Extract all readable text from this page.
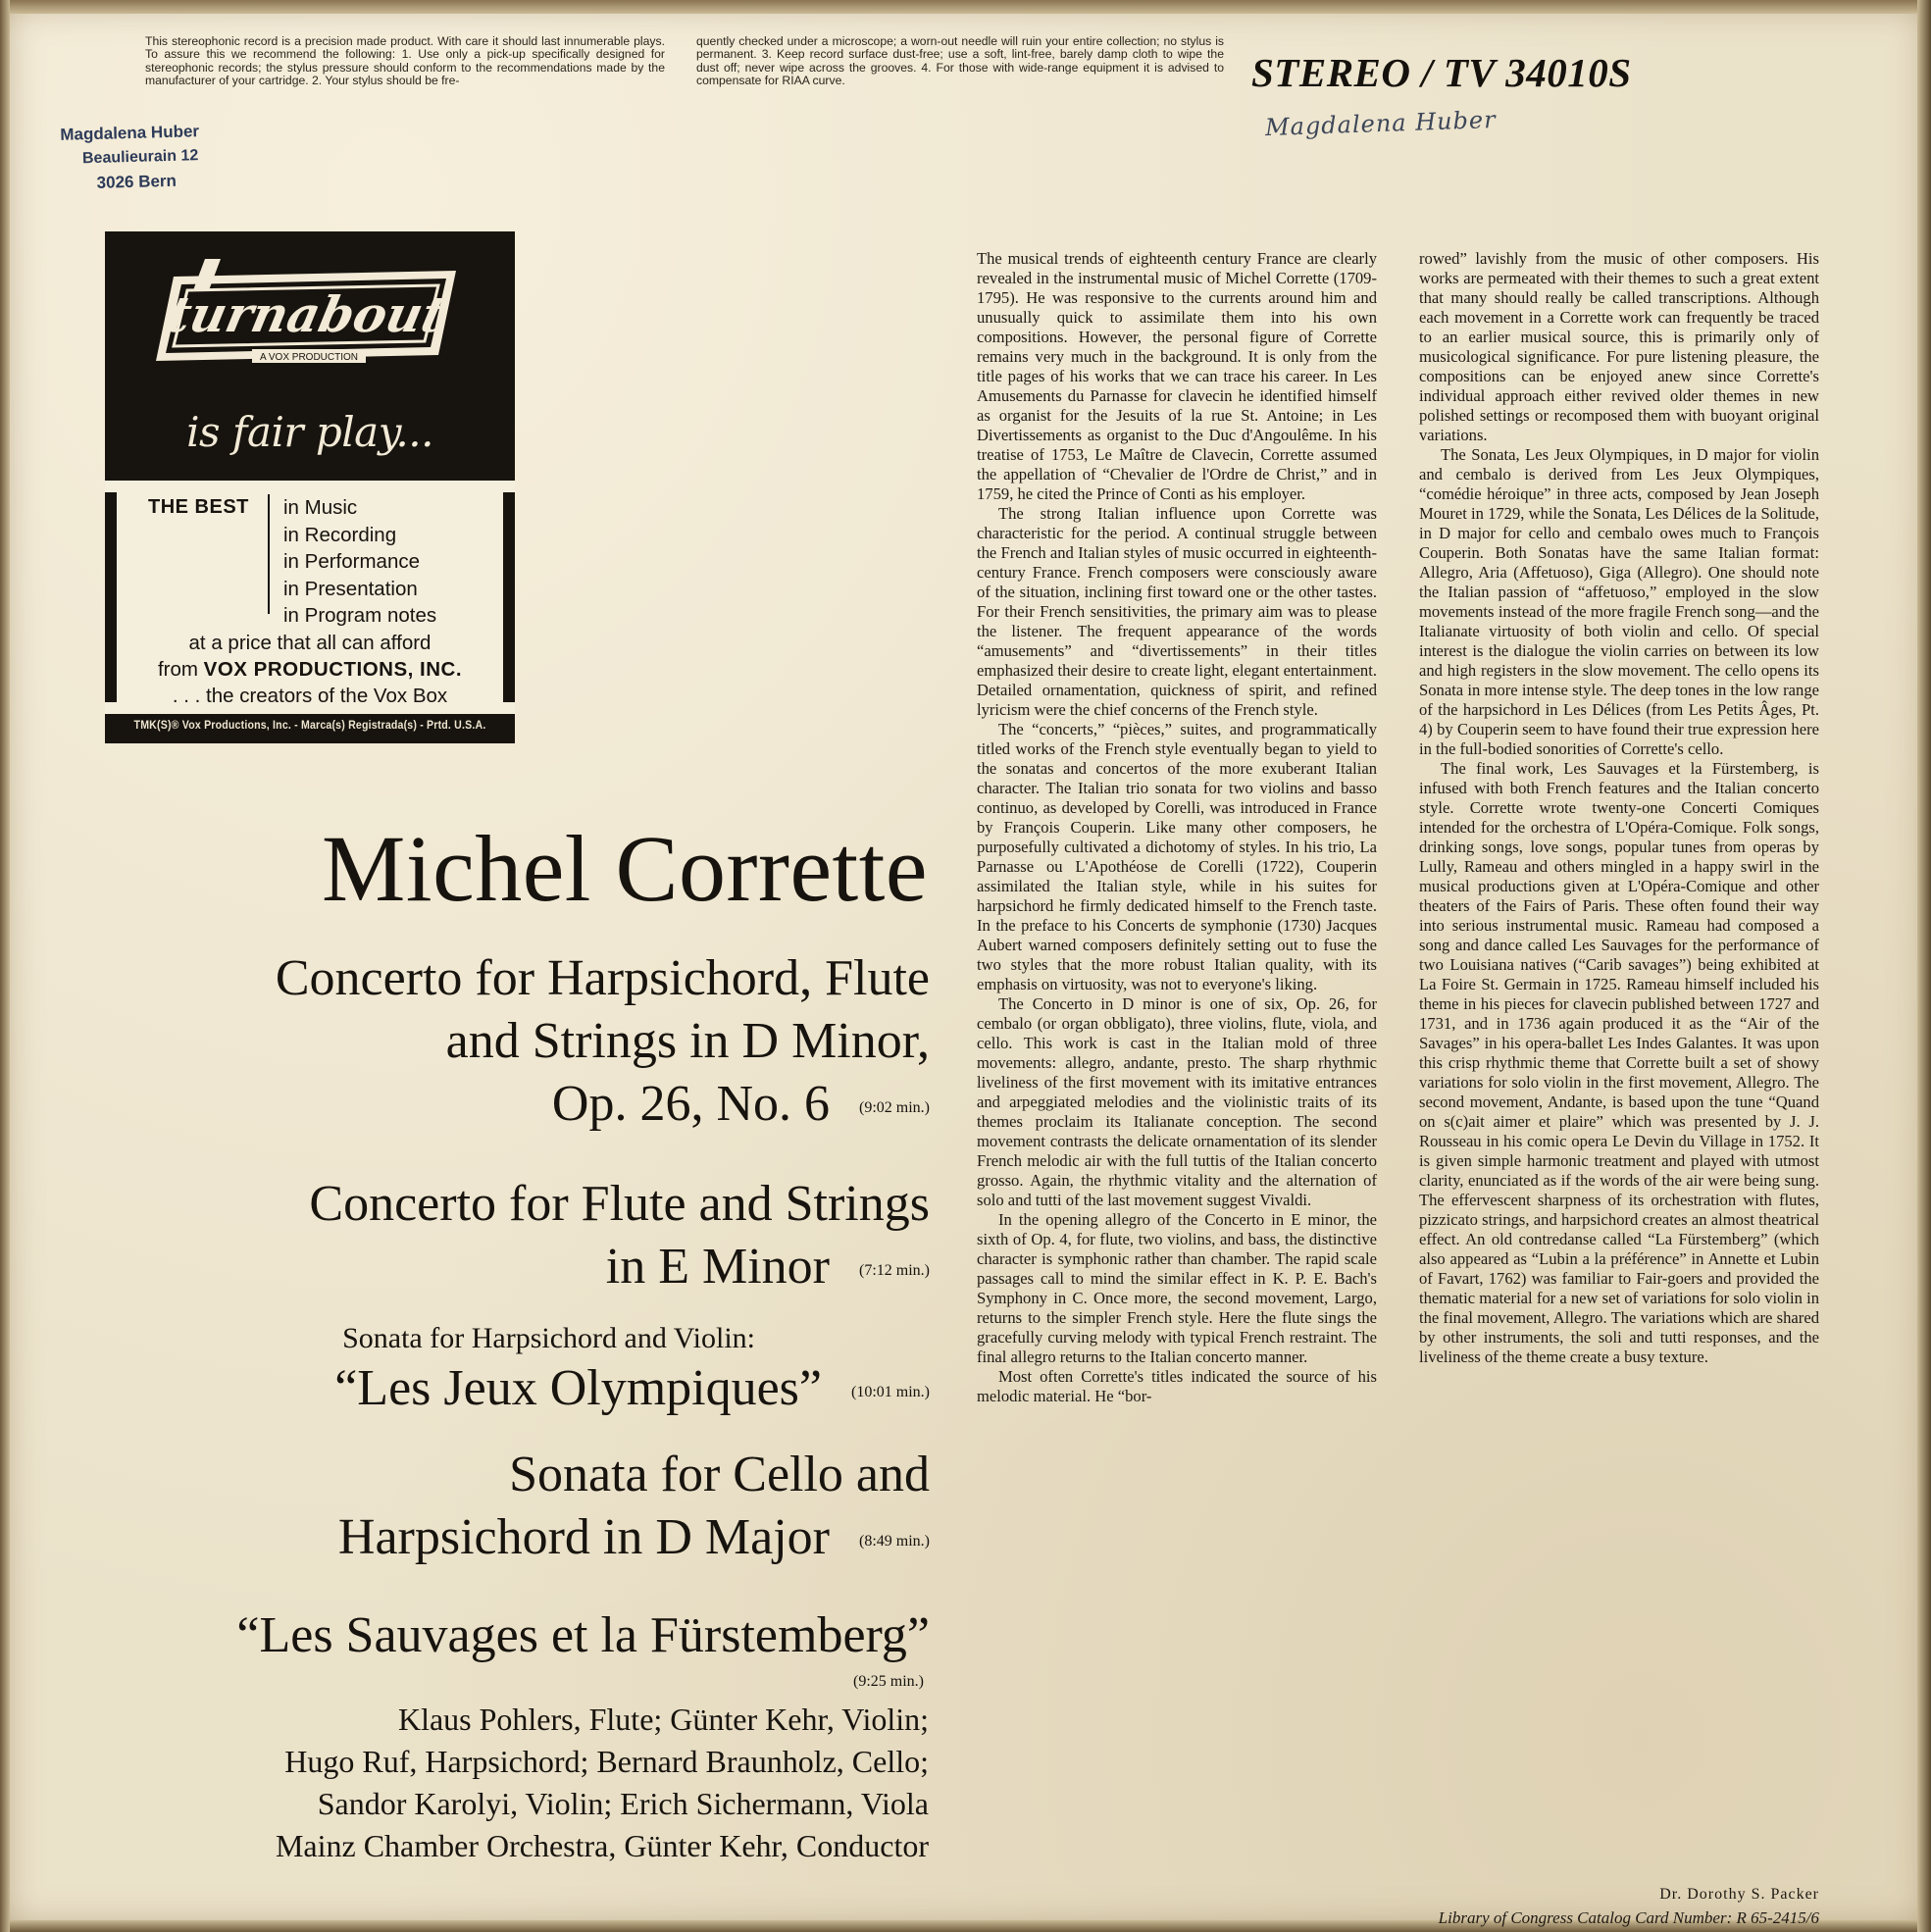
This stereophonic record is a precision made product. With care it should last innumerable plays. To assure this we recommend the following: 1. Use only a pick-up specifically designed for stereophonic records; the stylus pressure should conform to the recommendations made by the manufacturer of your cartridge. 2. Your stylus should be fre-
quently checked under a microscope; a worn-out needle will ruin your entire collection; no stylus is permanent. 3. Keep record surface dust-free; use a soft, lint-free, barely damp cloth to wipe the dust off; never wipe across the grooves. 4. For those with wide-range equipment it is advised to compensate for RIAA curve.	STEREO / TV 34010S
Magdalena Huber
Magdalena Huber
Beaulieurain 12
3026 Bern
turnabout
A VOX PRODUCTION
is fair play...
THE BEST in Music
in Recording
in Performance
in Presentation
in Program notes
at a price that all can afford
from VOX PRODUCTIONS, INC.
. . . the creators of the Vox Box
TMK(S)® Vox Productions, Inc. - Marca(s) Registrada(s) - Prtd. U.S.A.
Michel Corrette
Concerto for Harpsichord, Flute
and Strings in D Minor,
Op. 26, No. 6 (9:02 min.)
Concerto for Flute and Strings
in E Minor (7:12 min.)
Sonata for Harpsichord and Violin:
“Les Jeux Olympiques” (10:01 min.)
Sonata for Cello and
Harpsichord in D Major (8:49 min.)
“Les Sauvages et la Fürstemberg”
(9:25 min.)
Klaus Pohlers, Flute; Günter Kehr, Violin;
Hugo Ruf, Harpsichord; Bernard Braunholz, Cello;
Sandor Karolyi, Violin; Erich Sichermann, Viola
Mainz Chamber Orchestra, Günter Kehr, Conductor

The musical trends of eighteenth century France are clearly revealed in the instrumental music of Michel Corrette (1709-1795). He was responsive to the currents around him and unusually quick to assimilate them into his own compositions. However, the personal figure of Corrette remains very much in the background. It is only from the title pages of his works that we can trace his career. In Les Amusements du Parnasse for clavecin he identified himself as organist for the Jesuits of la rue St. Antoine; in Les Divertissements as organist to the Duc d'Angoulême. In his treatise of 1753, Le Maître de Clavecin, Corrette assumed the appellation of “Chevalier de l'Ordre de Christ,” and in 1759, he cited the Prince of Conti as his employer.

The strong Italian influence upon Corrette was characteristic for the period. A continual struggle between the French and Italian styles of music occurred in eighteenth-century France. French composers were consciously aware of the situation, inclining first toward one or the other tastes. For their French sensitivities, the primary aim was to please the listener. The frequent appearance of the words “amusements” and “divertissements” in their titles emphasized their desire to create light, elegant entertainment. Detailed ornamentation, quickness of spirit, and refined lyricism were the chief concerns of the French style.

The “concerts,” “pièces,” suites, and programmatically titled works of the French style eventually began to yield to the sonatas and concertos of the more exuberant Italian character. The Italian trio sonata for two violins and basso continuo, as developed by Corelli, was introduced in France by François Couperin. Like many other composers, he purposefully cultivated a dichotomy of styles. In his trio, La Parnasse ou L'Apothéose de Corelli (1722), Couperin assimilated the Italian style, while in his suites for harpsichord he firmly dedicated himself to the French taste. In the preface to his Concerts de symphonie (1730) Jacques Aubert warned composers definitely setting out to fuse the two styles that the more robust Italian quality, with its emphasis on virtuosity, was not to everyone's liking.

The Concerto in D minor is one of six, Op. 26, for cembalo (or organ obbligato), three violins, flute, viola, and cello. This work is cast in the Italian mold of three movements: allegro, andante, presto. The sharp rhythmic liveliness of the first movement with its imitative entrances and arpeggiated melodies and the violinistic traits of its themes proclaim its Italianate conception. The second movement contrasts the delicate ornamentation of its slender French melodic air with the full tuttis of the Italian concerto grosso. Again, the rhythmic vitality and the alternation of solo and tutti of the last movement suggest Vivaldi.

In the opening allegro of the Concerto in E minor, the sixth of Op. 4, for flute, two violins, and bass, the distinctive character is symphonic rather than chamber. The rapid scale passages call to mind the similar effect in K. P. E. Bach's Symphony in C. Once more, the second movement, Largo, returns to the simpler French style. Here the flute sings the gracefully curving melody with typical French restraint. The final allegro returns to the Italian concerto manner.

Most often Corrette's titles indicated the source of his melodic material. He “bor-

rowed” lavishly from the music of other composers. His works are permeated with their themes to such a great extent that many should really be called transcriptions. Although each movement in a Corrette work can frequently be traced to an earlier musical source, this is primarily only of musicological significance. For pure listening pleasure, the compositions can be enjoyed anew since Corrette's individual approach either revived older themes in new polished settings or recomposed them with buoyant original variations.

The Sonata, Les Jeux Olympiques, in D major for violin and cembalo is derived from Les Jeux Olympiques, “comédie héroique” in three acts, composed by Jean Joseph Mouret in 1729, while the Sonata, Les Délices de la Solitude, in D major for cello and cembalo owes much to François Couperin. Both Sonatas have the same Italian format: Allegro, Aria (Affetuoso), Giga (Allegro). One should note the Italian passion of “affetuoso,” employed in the slow movements instead of the more fragile French song—and the Italianate virtuosity of both violin and cello. Of special interest is the dialogue the violin carries on between its low and high registers in the slow movement. The cello opens its Sonata in more intense style. The deep tones in the low range of the harpsichord in Les Délices (from Les Petits Âges, Pt. 4) by Couperin seem to have found their true expression here in the full-bodied sonorities of Corrette's cello.

The final work, Les Sauvages et la Fürstemberg, is infused with both French features and the Italian concerto style. Corrette wrote twenty-one Concerti Comiques intended for the orchestra of L'Opéra-Comique. Folk songs, drinking songs, love songs, popular tunes from operas by Lully, Rameau and others mingled in a happy swirl in the musical productions given at L'Opéra-Comique and other theaters of the Fairs of Paris. These often found their way into serious instrumental music. Rameau had composed a song and dance called Les Sauvages for the performance of two Louisiana natives (“Carib savages”) being exhibited at La Foire St. Germain in 1725. Rameau himself included his theme in his pieces for clavecin published between 1727 and 1731, and in 1736 again produced it as the “Air of the Savages” in his opera-ballet Les Indes Galantes. It was upon this crisp rhythmic theme that Corrette built a set of showy variations for solo violin in the first movement, Allegro. The second movement, Andante, is based upon the tune “Quand on s(c)ait aimer et plaire” which was presented by J. J. Rousseau in his comic opera Le Devin du Village in 1752. It is given simple harmonic treatment and played with utmost clarity, enunciated as if the words of the air were being sung. The effervescent sharpness of its orchestration with flutes, pizzicato strings, and harpsichord creates an almost theatrical effect. An old contredanse called “La Fürstemberg” (which also appeared as “Lubin a la préférence” in Annette et Lubin of Favart, 1762) was familiar to Fair-goers and provided the thematic material for a new set of variations for solo violin in the final movement, Allegro. The variations which are shared by other instruments, the soli and tutti responses, and the liveliness of the theme create a busy texture.

Dr. Dorothy S. Packer
Library of Congress Catalog Card Number: R 65-2415/6
